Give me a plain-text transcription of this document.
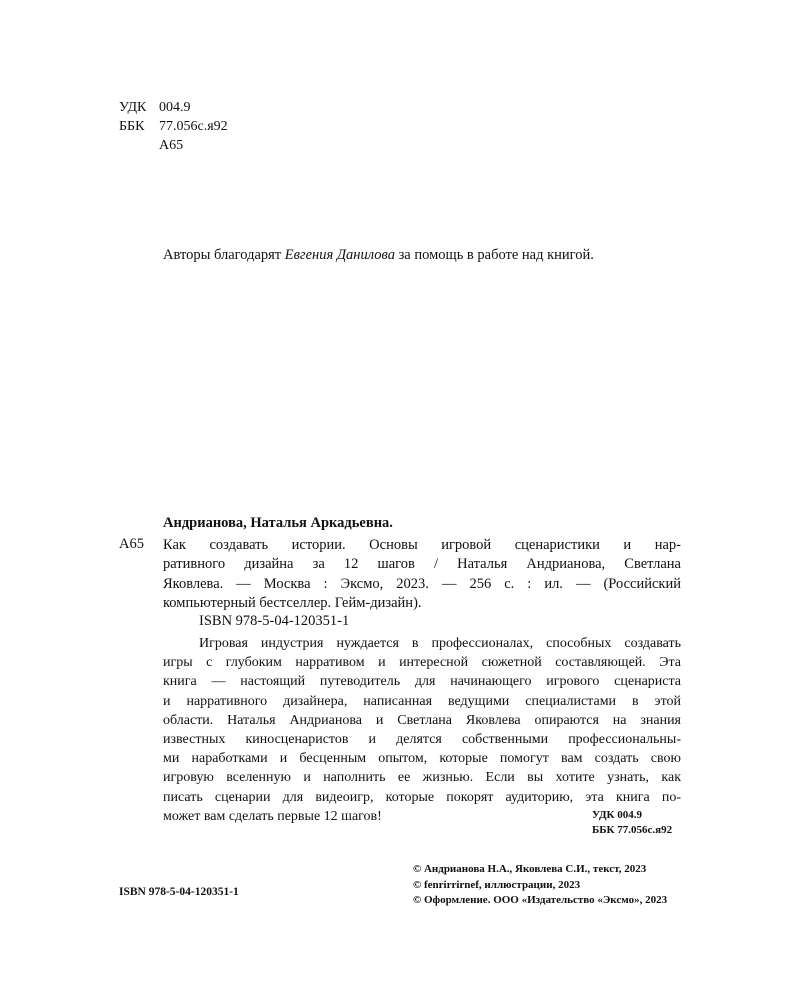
УДК 004.9
ББК	77.056с.я92
А65
Авторы благодарят Евгения Данилова за помощь в работе над книгой.
Андрианова, Наталья Аркадьевна.
А65 Как создавать истории. Основы игровой сценаристики и нар-
ративного дизайна за 12 шагов / Наталья Андрианова, Светлана
Яковлева. — Москва : Эксмо, 2023. — 256 с. : ил. — (Российский
компьютерный бестселлер. Гейм-дизайн).
ISBN 978-5-04-120351-1
Игровая индустрия нуждается в профессионалах, способных создавать
игры с глубоким нарративом и интересной сюжетной составляющей. Эта
книга — настоящий путеводитель для начинающего игрового сценариста
и нарративного дизайнера, написанная ведущими специалистами в этой
области. Наталья Андрианова и Светлана Яковлева опираются на знания
известных киносценаристов и делятся собственными профессиональны-
ми наработками и бесценным опытом, которые помогут вам создать свою
игровую вселенную и наполнить ее жизнью. Если вы хотите узнать, как
писать сценарии для видеоигр, которые покорят аудиторию, эта книга по-
может вам сделать первые 12 шагов!	УДК 004.9
ББК 77.056с.я92
© Андрианова Н.А., Яковлева С.И., текст, 2023
© fenrirrirnef, иллюстрации, 2023
© Оформление. ООО «Издательство «Эксмо», 2023
ISBN 978-5-04-120351-1
